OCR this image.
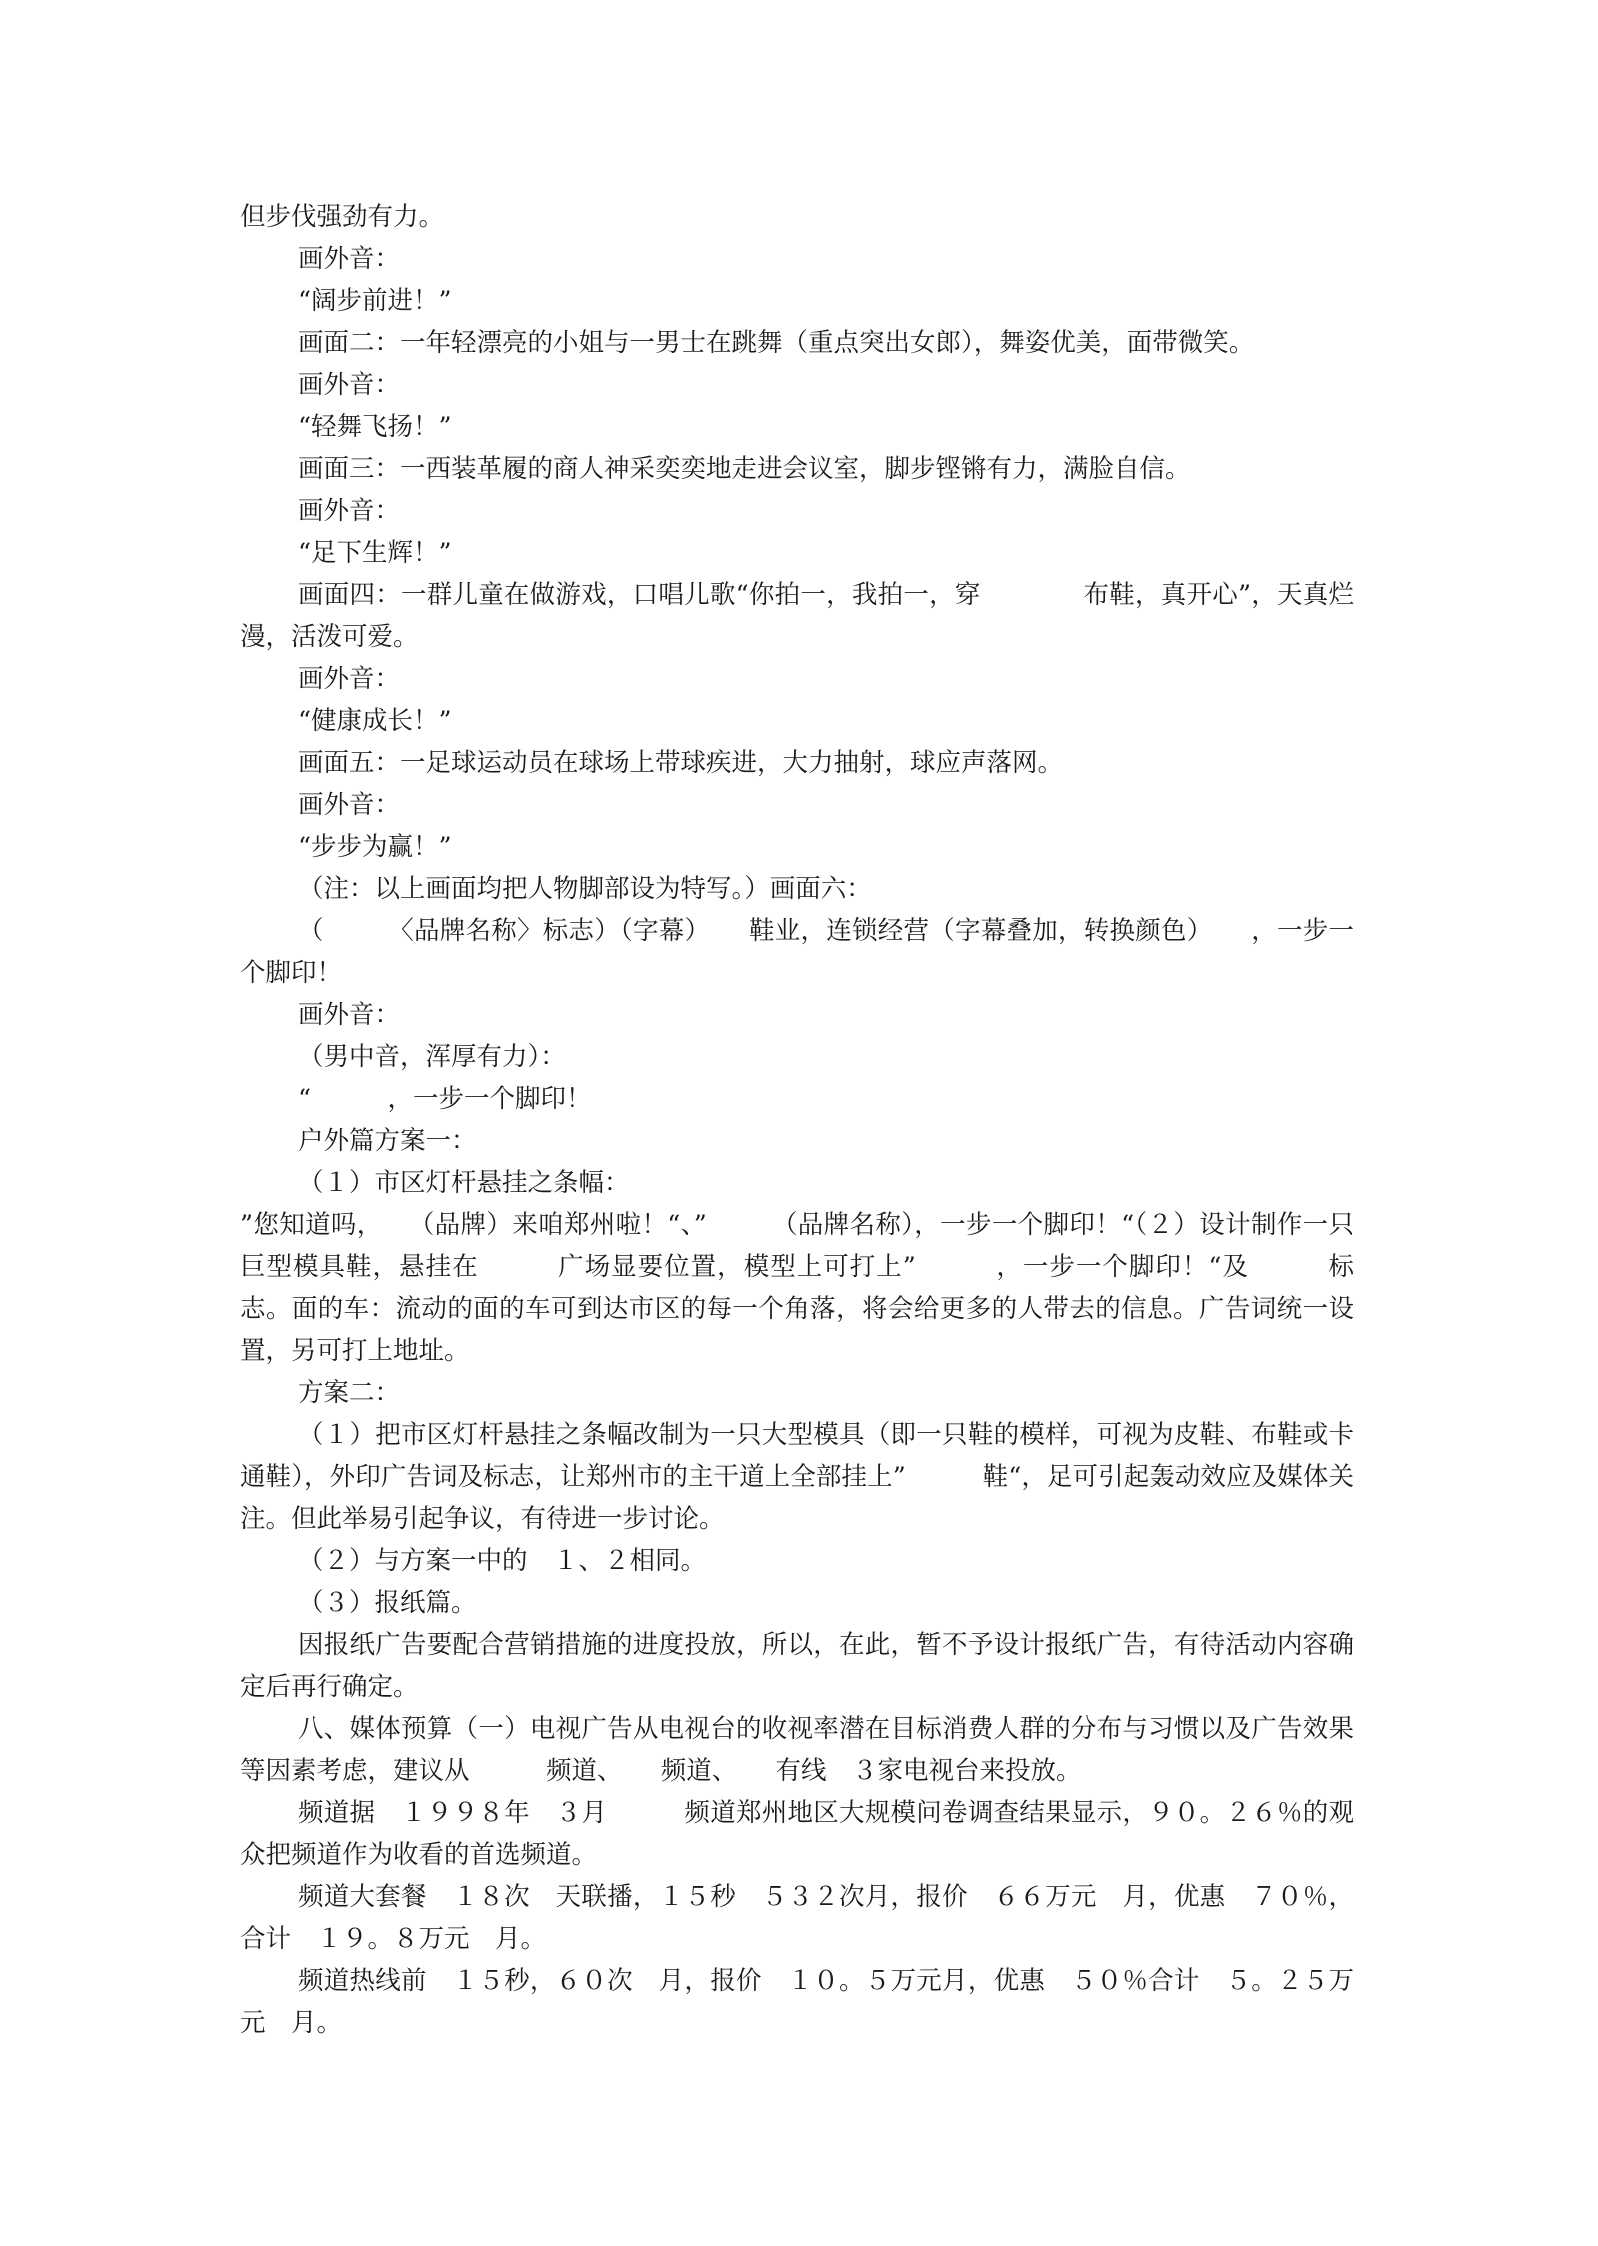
但步伐强劲有力。

画外音：

“阔步前进！”

画面二：一年轻漂亮的小姐与一男士在跳舞（重点突出女郎），舞姿优美，面带微笑。

画外音：

“轻舞飞扬！”

画面三：一西装革履的商人神采奕奕地走进会议室，脚步铿锵有力，满脸自信。

画外音：

“足下生辉！”

画面四：一群儿童在做游戏，口唱儿歌“你拍一，我拍一，穿　　　　布鞋，真开心”，天真烂漫，活泼可爱。

画外音：

“健康成长！”

画面五：一足球运动员在球场上带球疾进，大力抽射，球应声落网。

画外音：

“步步为赢！”

（注：以上画面均把人物脚部设为特写。）画面六：

（　　　〈品牌名称〉标志）（字幕）　　鞋业，连锁经营（字幕叠加，转换颜色）　　，一步一个脚印！

画外音：

（男中音，浑厚有力）：

“　　　，一步一个脚印！

户外篇方案一：

（１）市区灯杆悬挂之条幅：

”您知道吗，　　（品牌）来咱郑州啦！“、”　　　（品牌名称），一步一个脚印！“（２）设计制作一只巨型模具鞋，悬挂在　　　广场显要位置，模型上可打上”　　　，一步一个脚印！“及　　　标志。面的车：流动的面的车可到达市区的每一个角落，将会给更多的人带去的信息。广告词统一设置，另可打上地址。

方案二：

（１）把市区灯杆悬挂之条幅改制为一只大型模具（即一只鞋的模样，可视为皮鞋、布鞋或卡通鞋），外印广告词及标志，让郑州市的主干道上全部挂上”　　　鞋“，足可引起轰动效应及媒体关注。但此举易引起争议，有待进一步讨论。

（２）与方案一中的　１、２相同。

（３）报纸篇。

因报纸广告要配合营销措施的进度投放，所以，在此，暂不予设计报纸广告，有待活动内容确定后再行确定。

八、媒体预算（一）电视广告从电视台的收视率潜在目标消费人群的分布与习惯以及广告效果等因素考虑，建议从　　　频道、　　频道、　　有线　３家电视台来投放。

频道据　１９９８年　３月　　　频道郑州地区大规模问卷调查结果显示，９０。２６％的观众把频道作为收看的首选频道。

频道大套餐　１８次　天联播，１５秒　５３２次月，报价　６６万元　月，优惠　７０％，合计　１９。８万元　月。

频道热线前　１５秒，６０次　月，报价　１０。５万元月，优惠　５０％合计　５。２５万元　月。
